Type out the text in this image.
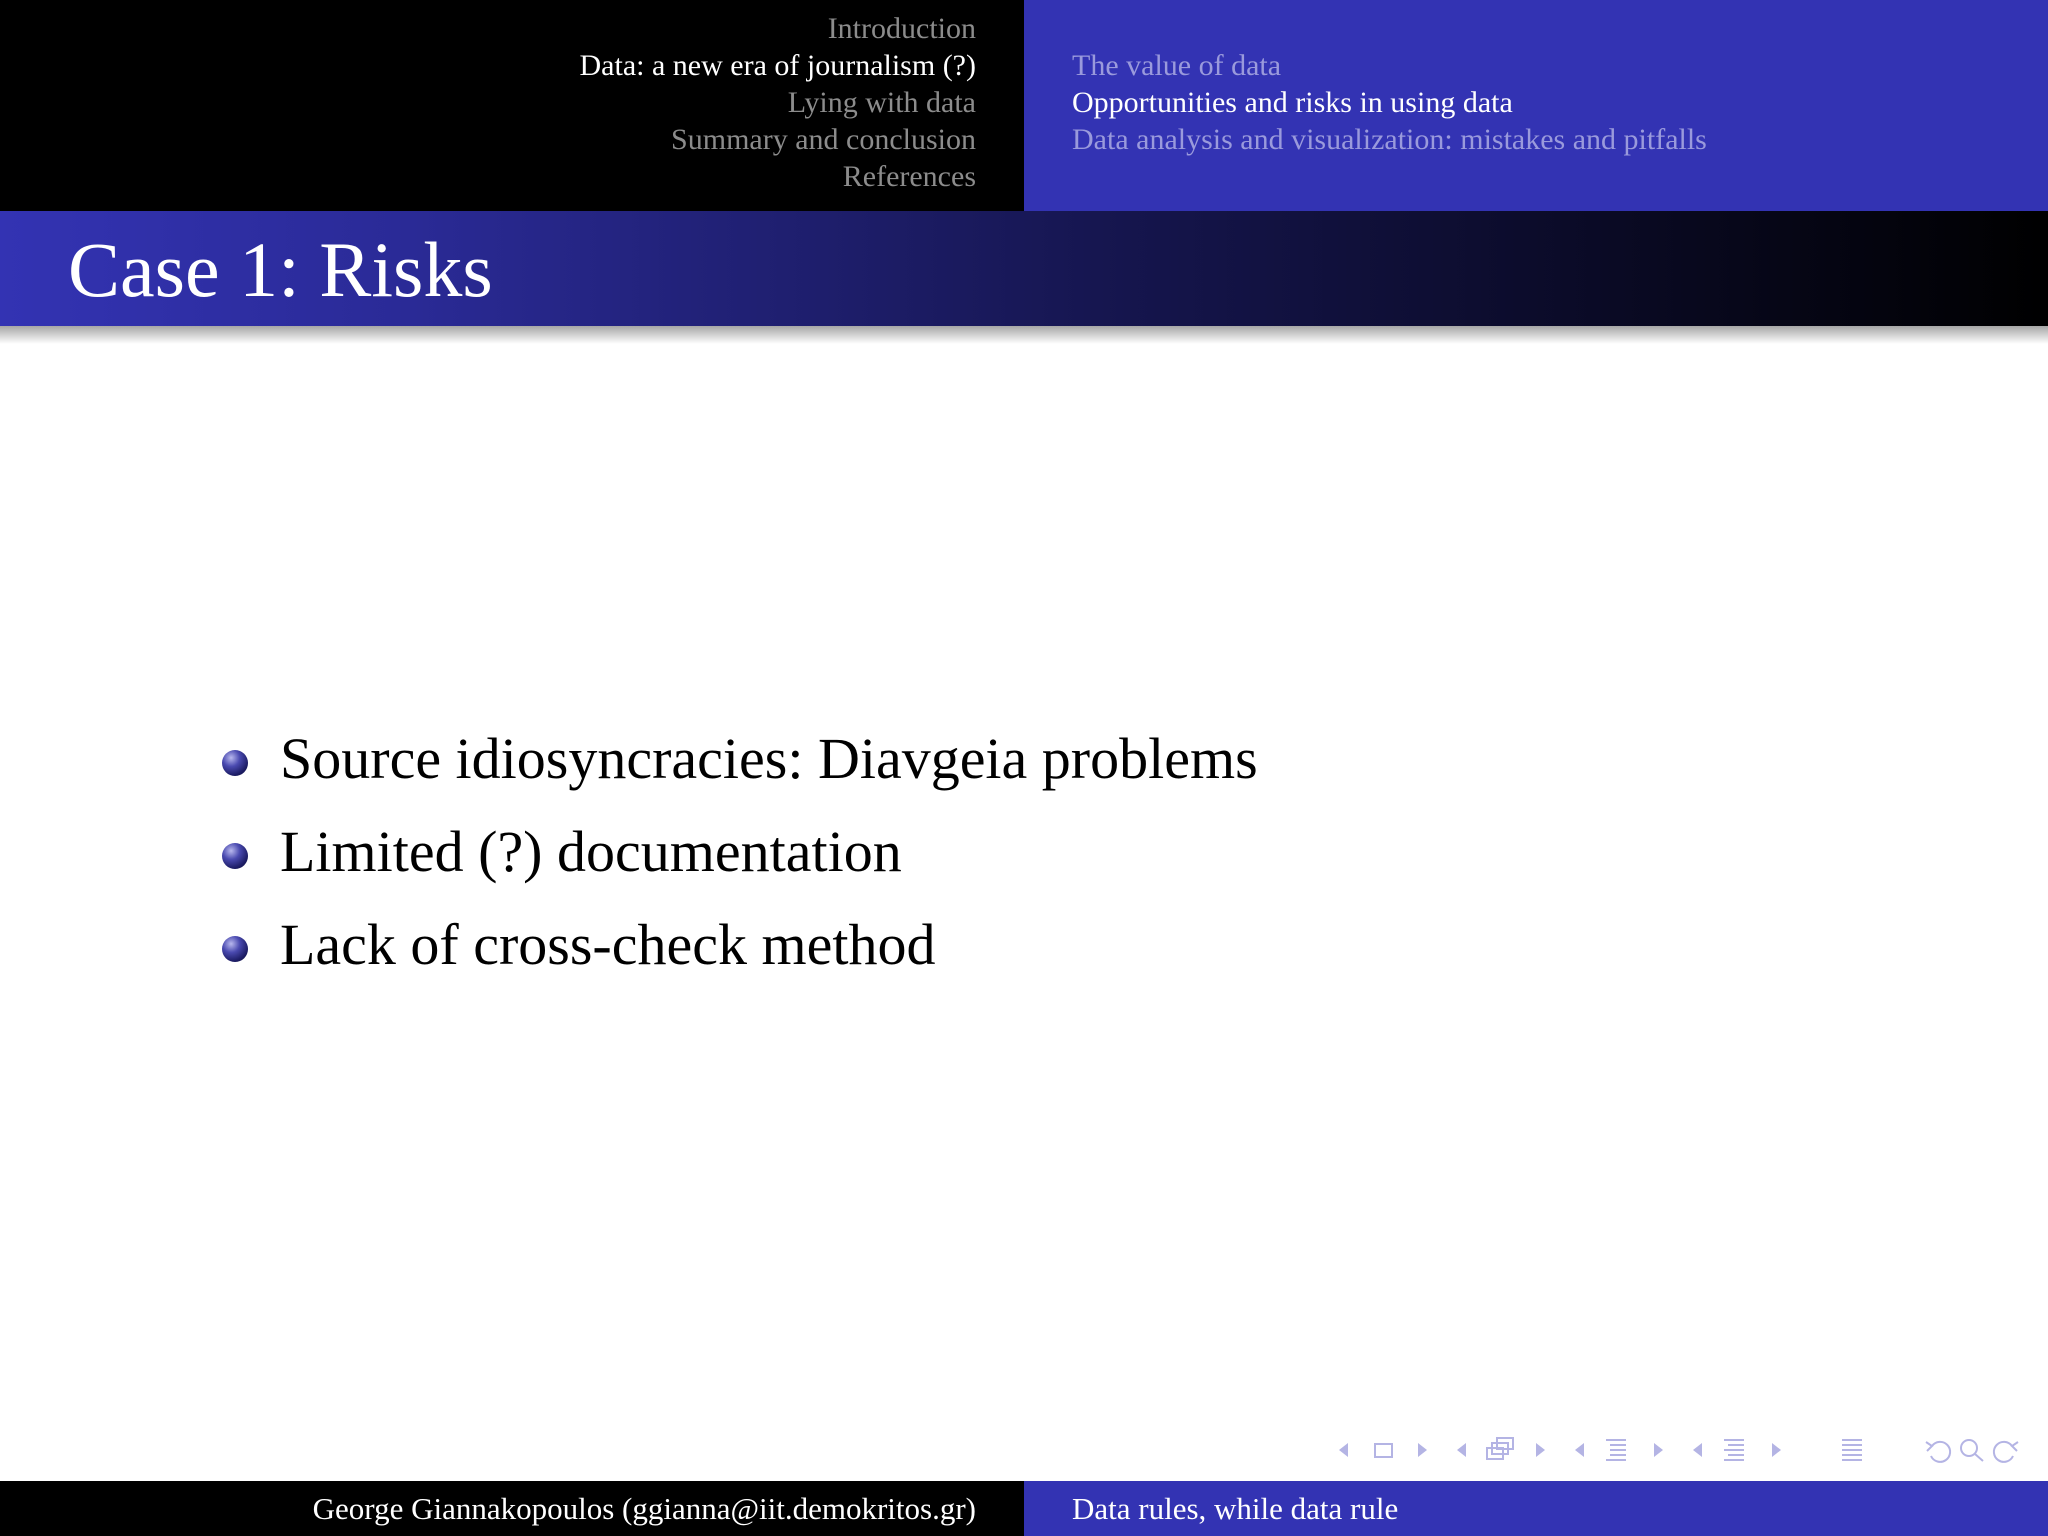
Introduction
Data: a new era of journalism (?)
Lying with data
Summary and conclusion
References
The value of data
Opportunities and risks in using data
Data analysis and visualization: mistakes and pitfalls
Case 1: Risks
Source idiosyncracies: Diavgeia problems
Limited (?) documentation
Lack of cross-check method
George Giannakopoulos (ggianna@iit.demokritos.gr)	Data rules, while data rule
